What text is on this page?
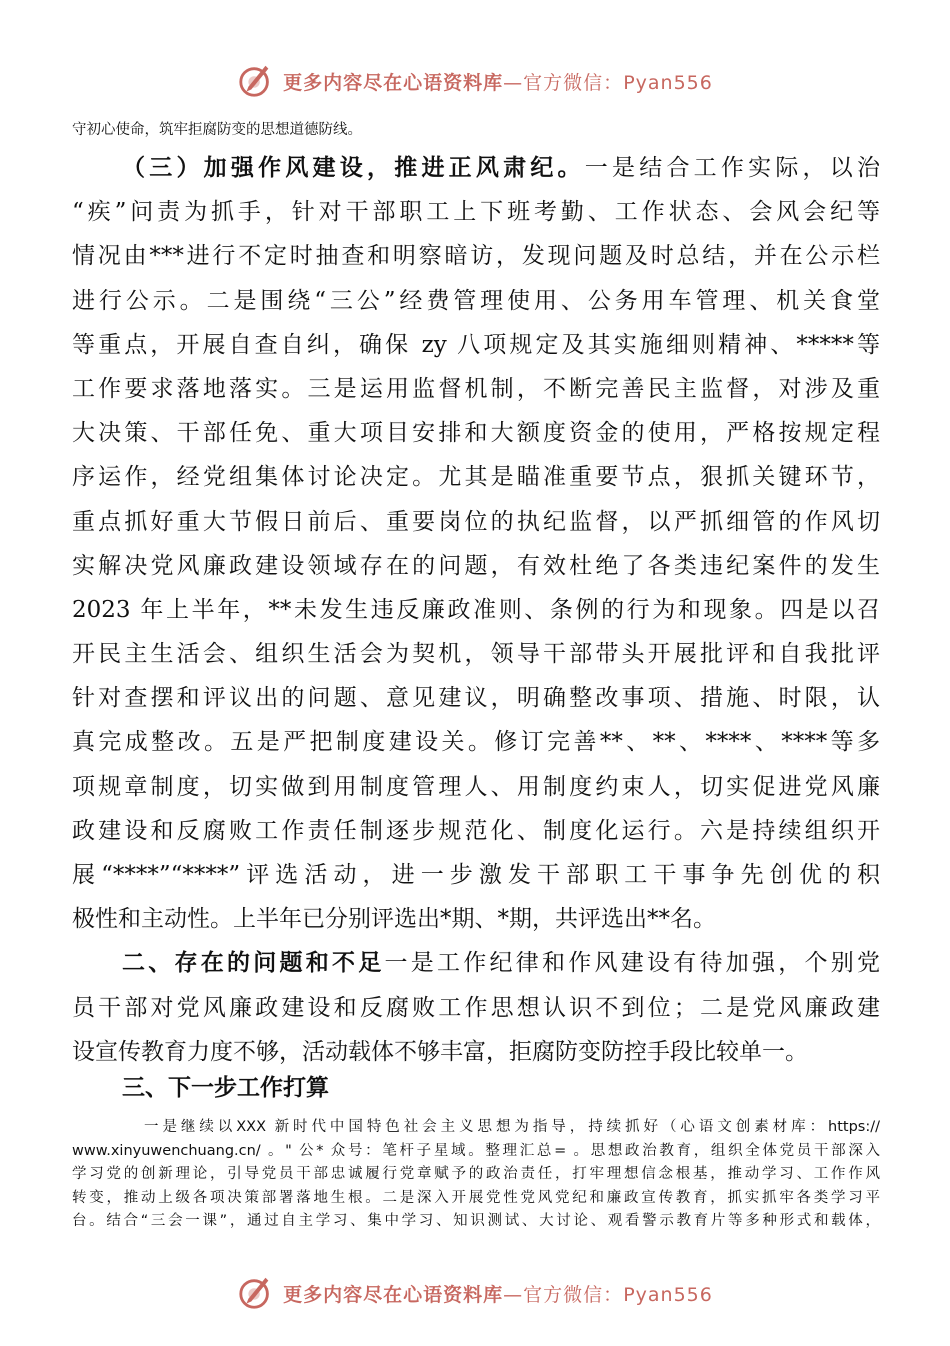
更多内容尽在心语资料库—官方微信：Pyan556
守初心使命，筑牢拒腐防变的思想道德防线。
（三）加强作风建设，推进正风肃纪。一是结合工作实际，以治
“疾”问责为抓手，针对干部职工上下班考勤、工作状态、会风会纪等
情况由***进行不定时抽查和明察暗访，发现问题及时总结，并在公示栏
进行公示。二是围绕“三公”经费管理使用、公务用车管理、机关食堂
等重点，开展自查自纠，确保 zy 八项规定及其实施细则精神、*****等
工作要求落地落实。三是运用监督机制，不断完善民主监督，对涉及重
大决策、干部任免、重大项目安排和大额度资金的使用，严格按规定程
序运作，经党组集体讨论决定。尤其是瞄准重要节点，狠抓关键环节，
重点抓好重大节假日前后、重要岗位的执纪监督，以严抓细管的作风切
实解决党风廉政建设领域存在的问题，有效杜绝了各类违纪案件的发生
2023 年上半年，**未发生违反廉政准则、条例的行为和现象。四是以召
开民主生活会、组织生活会为契机，领导干部带头开展批评和自我批评
针对查摆和评议出的问题、意见建议，明确整改事项、措施、时限，认
真完成整改。五是严把制度建设关。修订完善**、**、****、****等多
项规章制度，切实做到用制度管理人、用制度约束人，切实促进党风廉
政建设和反腐败工作责任制逐步规范化、制度化运行。六是持续组织开
展“****”“****”评选活动，进一步激发干部职工干事争先创优的积
极性和主动性。上半年已分别评选出*期、*期，共评选出**名。
二、存在的问题和不足一是工作纪律和作风建设有待加强，个别党
员干部对党风廉政建设和反腐败工作思想认识不到位；二是党风廉政建
设宣传教育力度不够，活动载体不够丰富，拒腐防变防控手段比较单一。
三、下一步工作打算
一是继续以XXX 新时代中国特色社会主义思想为指导，持续抓好（心语文创素材库：https://
www.xinyuwenchuang.cn/ 。" 公* 众号：笔杆子星域。整理汇总= 。思想政治教育，组织全体党员干部深入
学习党的创新理论，引导党员干部忠诚履行党章赋予的政治责任，打牢理想信念根基，推动学习、工作作风
转变，推动上级各项决策部署落地生根。二是深入开展党性党风党纪和廉政宣传教育，抓实抓牢各类学习平
台。结合“三会一课”，通过自主学习、集中学习、知识测试、大讨论、观看警示教育片等多种形式和载体，
更多内容尽在心语资料库—官方微信：Pyan556
